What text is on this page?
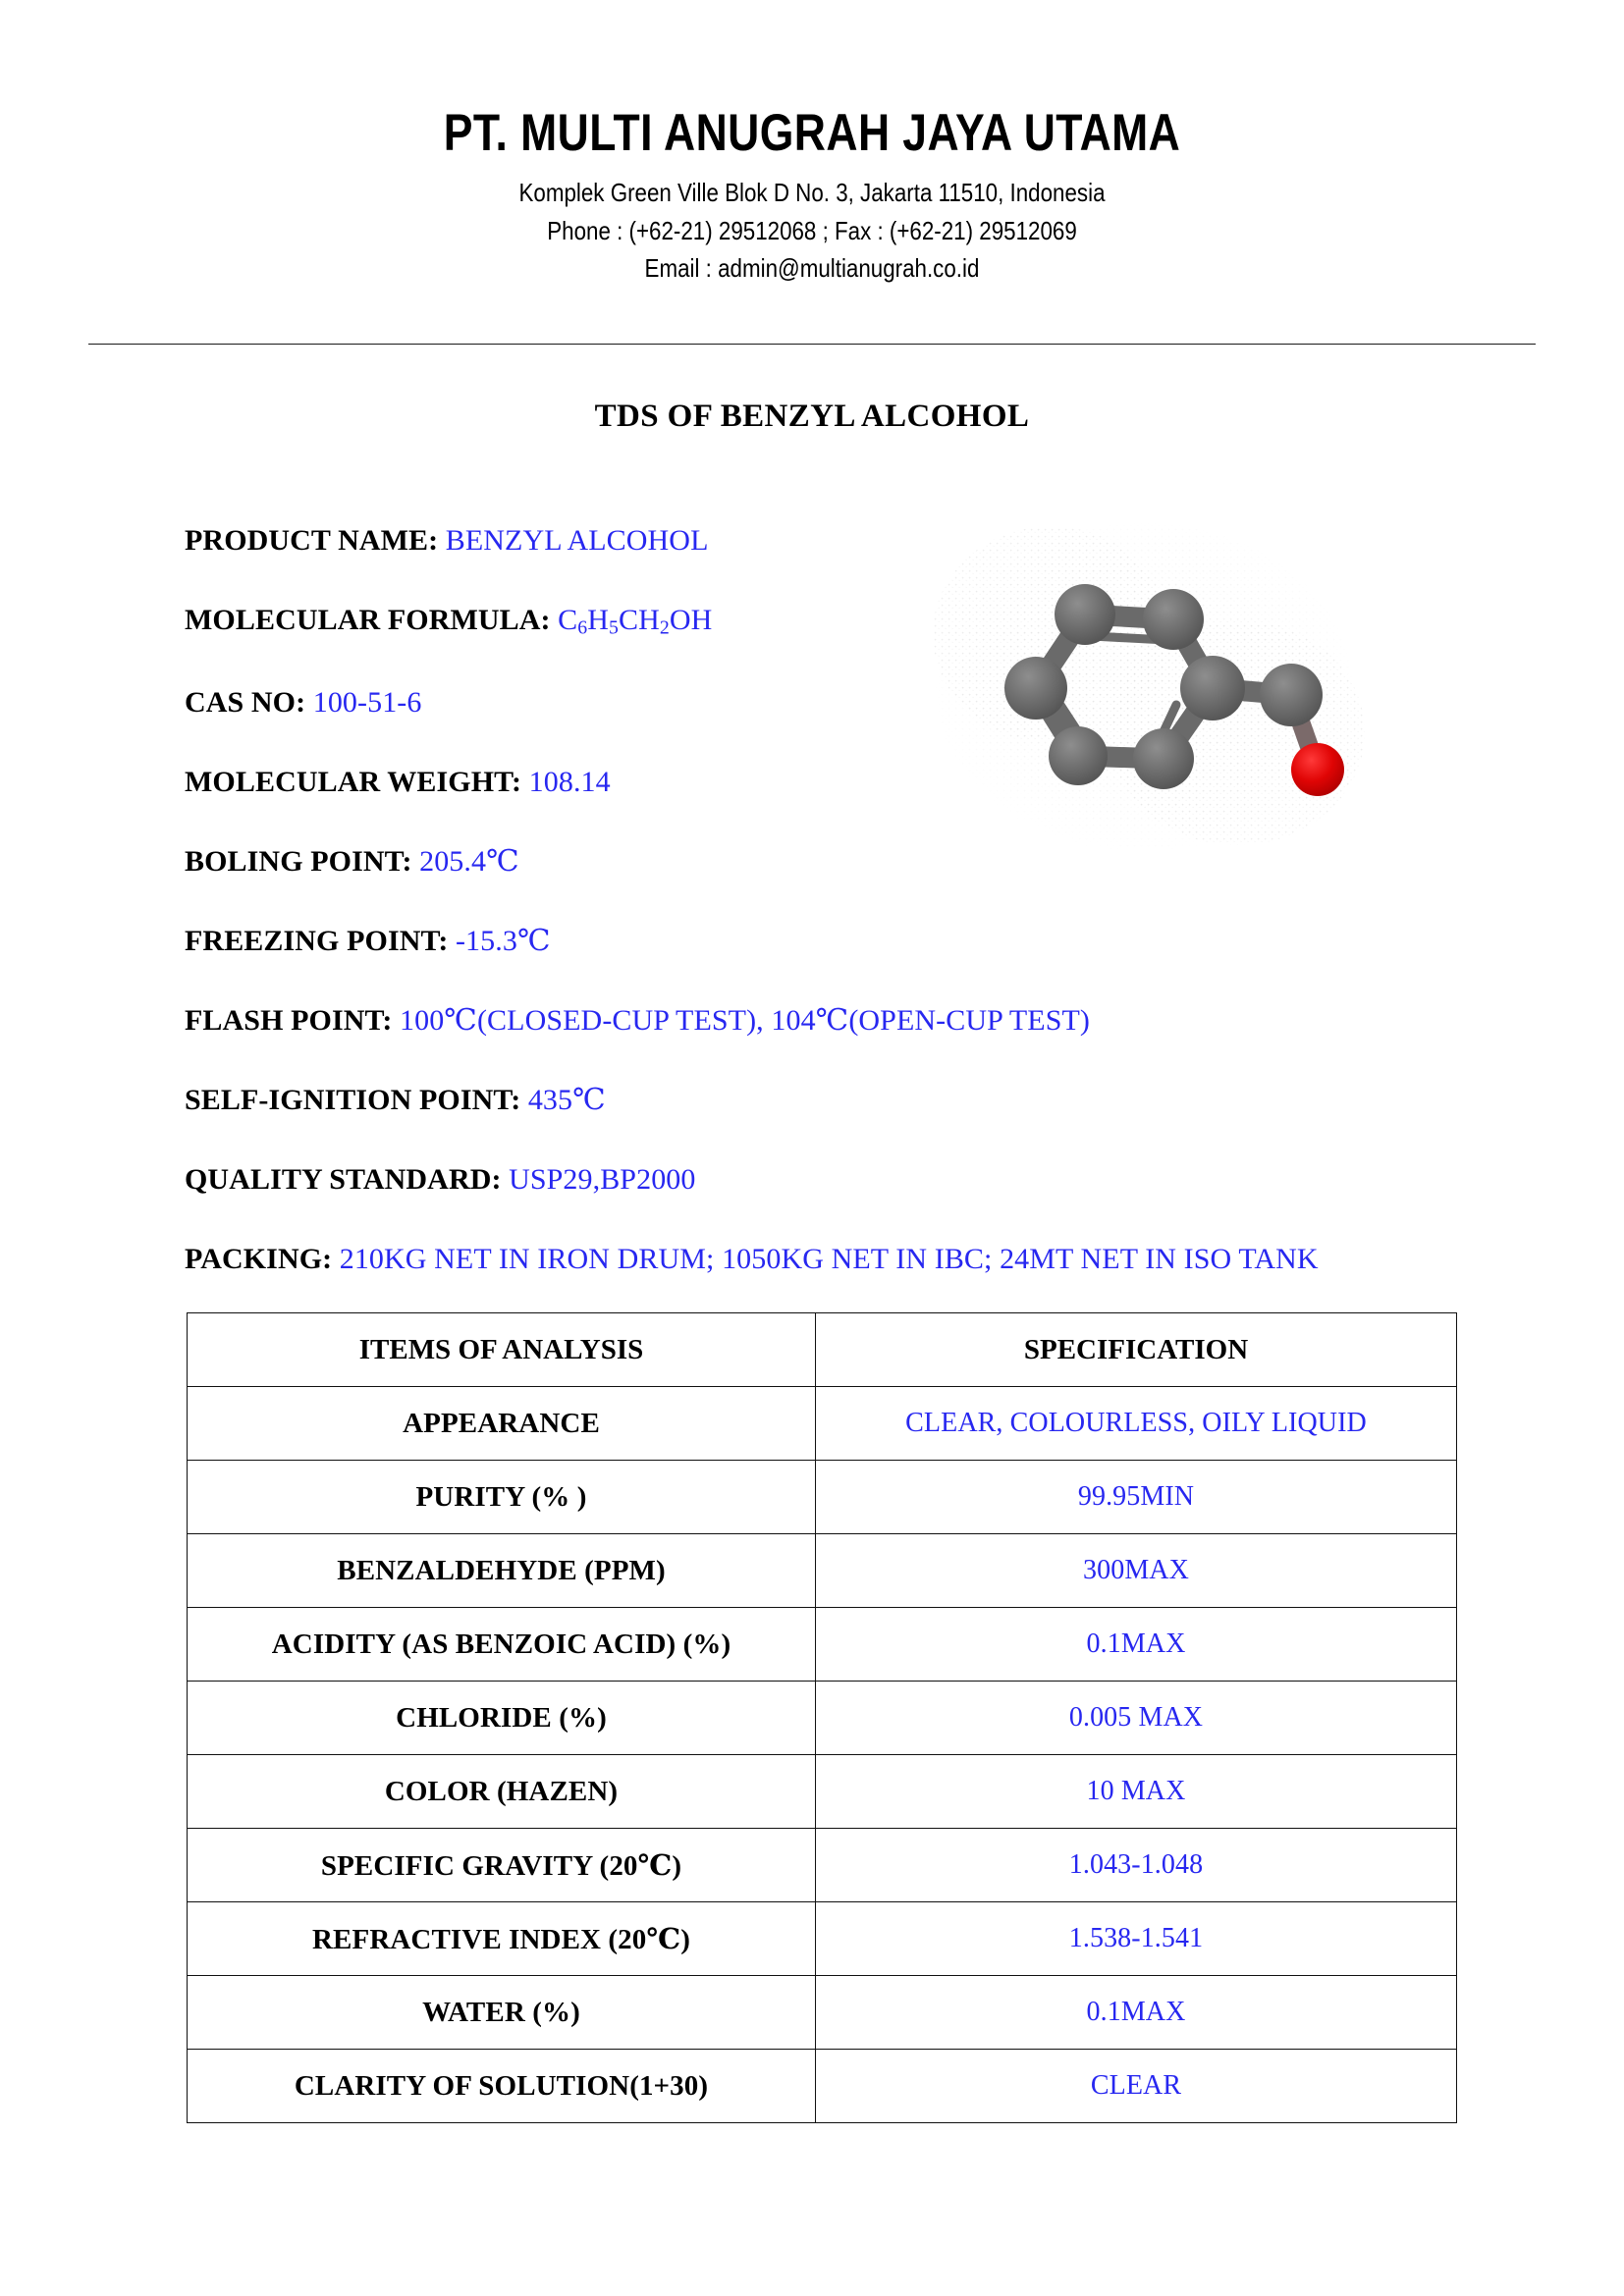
PT. MULTI ANUGRAH JAYA UTAMA
Komplek Green Ville Blok D No. 3, Jakarta 11510, Indonesia
Phone : (+62-21) 29512068 ; Fax : (+62-21) 29512069
Email : admin@multianugrah.co.id
TDS OF BENZYL ALCOHOL
PRODUCT NAME: BENZYL ALCOHOL
MOLECULAR FORMULA: $C_6H_5CH_2OH$
CAS NO: 100-51-6
MOLECULAR WEIGHT: 108.14
BOLING POINT: 205.4℃
FREEZING POINT: -15.3℃
FLASH POINT: 100℃(CLOSED-CUP TEST), 104℃(OPEN-CUP TEST)
SELF-IGNITION POINT: 435℃
QUALITY STANDARD: USP29,BP2000
PACKING: 210KG NET IN IRON DRUM; 1050KG NET IN IBC; 24MT NET IN ISO TANK
ITEMS OF ANALYSIS	SPECIFICATION
APPEARANCE	CLEAR, COLOURLESS, OILY LIQUID
PURITY (% )	99.95MIN
BENZALDEHYDE (PPM)	300MAX
ACIDITY (AS BENZOIC ACID) (%)	0.1MAX
CHLORIDE (%)	0.005 MAX
COLOR (HAZEN)	10 MAX
SPECIFIC GRAVITY (20℃)	1.043-1.048
REFRACTIVE INDEX (20℃)	1.538-1.541
WATER (%)	0.1MAX
CLARITY OF SOLUTION(1+30)	CLEAR
